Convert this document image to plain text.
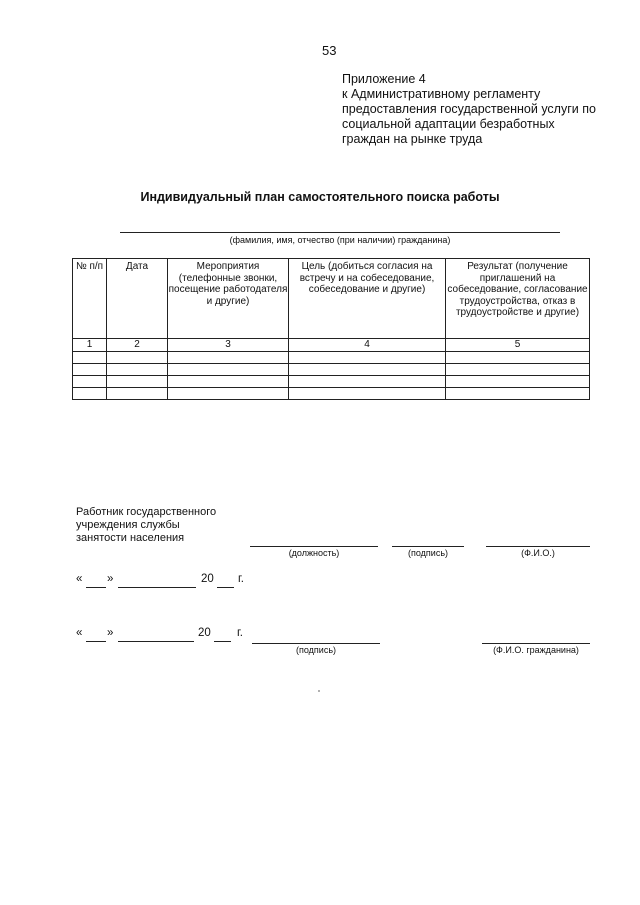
53
Приложение 4
к Административному регламенту
предоставления государственной услуги по
социальной адаптации безработных
граждан на рынке труда
Индивидуальный план самостоятельного поиска работы
(фамилия, имя, отчество (при наличии) гражданина)
№ п/п	Дата	Мероприятия (телефонные звонки, посещение работодателя и другие)	Цель (добиться согласия на встречу и на собеседование, собеседование и другие)	Результат (получение приглашений на собеседование, согласование трудоустройства, отказ в трудоустройстве и другие)
1	2	3	4	5

Работник государственного
учреждения службы
занятости населения
(должность)	(подпись)	(Ф.И.О.)
« »	20 г.
« »	20 г.
(подпись)	(Ф.И.О. гражданина)
